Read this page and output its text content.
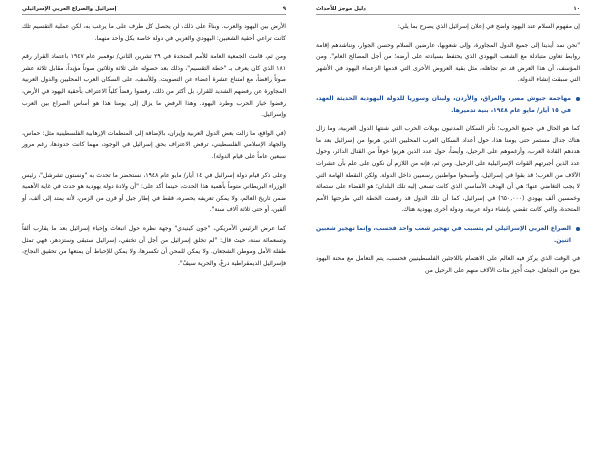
٩
إسرائيل والصراع العربي الإسرائيلي

الأرض بين اليهود والعرب. وبناءً على ذلك، لن يحصل كل طرف على ما يرغب به، لكن عملية التقسيم تلك كانت تراعي أحقية الشعبين: اليهودي والعربي في دولة خاصة بكل واحد منهما.

ومن ثم، قامت الجمعية العامة للأمم المتحدة في ٢٩ تشرين الثاني/ نوفمبر عام ١٩٤٧ باعتماد القرار رقم ١٨١ الذي كان يعرف بـ "خطة التقسيم"، وذلك بعد حصوله على ثلاثة وثلاثين صوتاً مؤيداً، مقابل ثلاثة عشر صوتاً رافضاً، مع امتناع عشرة أعضاء عن التصويت. وللأسف، على السكان العرب المحليين والدول العربية المجاورة عن رفضهم الشديد للقرار، بل أكثر من ذلك، رفضوا رفضاً كلياً الاعتراف بأحقية اليهود في الأرض، رفضوا خيار الحرب وطرد اليهود. وهذا الرفض ما يزال إلى يومنا هذا هو أساس الصراع بين العرب وإسرائيل.

(في الواقع، ما زالت بعض الدول العربية وإيران، بالإضافة إلى المنظمات الإرهابية الفلسطينية مثل: حماس، والجهاد الإسلامي الفلسطيني، ترفض الاعتراف بحق إسرائيل في الوجود، مهما كانت حدودها، رغم مرور سبعين عاماً على قيام الدولة).

وعلى ذكر قيام دولة إسرائيل في ١٤ أيار/ مايو عام ١٩٤٨، نستحضر ما تحدث به "ونستون تشرشل"، رئيس الوزراء البريطاني متوماً بأهمية هذا الحدث، حينما أكد على: "أن ولادة دولة يهودية هو حدث في غاية الأهمية ضمن تاريخ العالم، ولا يمكن تعريفه بحصره، فقط في إطار جيل أو قرن من الزمن، لأنه يمتد إلى ألف، أو ألفين، أو حتى ثلاثة آلاف سنة".

كما عرض الرئيس الأمريكي، "جون كينيدي" وجهة نظره حول انبعاث وإحياء إسرائيل بعد ما يقارب ألفاً وتسعمائة سنة، حيث قال: "لم تخلق إسرائيل من أجل أن تختفي، إسرائيل ستبقى وستزدهر، فهي تمثل طفلة الأمل وموطن الشجعان. ولا يمكن للمحن أن تكسرها، ولا يمكن للإحباط أن يمنعها من تحقيق النجاح، فإسرائيل الديمقراطية درعٌ، والحرية سيفٌ".

١٠
دليل موجز للأحداث

إن مفهوم السلام عند اليهود واضح في إعلان إسرائيل الذي يصرح بما يلي:

"نحن نمد أيدينا إلى جميع الدول المجاورة، وإلى شعوبها، عارضين السلام وحسن الجوار، ونناشدهم إقامة روابط تعاون متبادلة مع الشعب اليهودي الذي يحتفظ بسيادته على أرضه؛ من أجل المصالح العام". ومن المؤسف، أن هذا العرض قد تم تجاهله، مثل بقية العروض الأخرى التي قدمها الزعماء اليهود في الأشهر التي سبقت إنشاء الدولة.

مهاجمة جيوش مصر، والعراق، والأردن، ولبنان وسوريا للدولة اليهودية الحديثة العهد، في ١٥ أيار/ مايو عام ١٩٤٨، بنية تدميرها.

كما هو الحال في جميع الحروب؛ تأثر السكان المدنيون بويلات الحرب التي شنتها الدول العربية، وما زال هناك جدال مستمر حتى يومنا هذا، حول أعداد السكان العرب المحليين الذين هربوا من إسرائيل بعد ما هددهم القادة العرب، وأرغموهم على الرحيل، وأيضاً، حول عدد الذين هربوا خوفاً من القتال الدائر، وحول عدد الذين أجبرتهم القوات الإسرائيلية على الرحيل. ومن ثم، فإنه من اللازم أن نكون على علم بأن عشرات الآلاف من العرب؛ قد بقوا في إسرائيل، وأصبحوا مواطنين رسميين داخل الدولة. ولكن النقطة الهامة التي لا يجب التغاضي عنها؛ هي أن الهدف الأساسي الذي كانت تسعى إليه تلك البلدان؛ هو القضاء على ستمائة وخمسين ألف يهودي (٦٥٠,٠٠٠) في إسرائيل، كما أن تلك الدول قد رفضت الخطة التي طرحتها الأمم المتحدة، والتي كانت تقضي بإنشاء دولة عربية، ودولة أخرى يهودية هناك.

الصراع العربي الإسرائيلي لم يتسبب في تهجير شعب واحد فحسب، وإنما تهجير شعبين اثنين.

في الوقت الذي يركز فيه العالم على الاهتمام باللاجئين الفلسطينيين فحسب، يتم التعامل مع محنة اليهود بنوع من التجاهل، حيث أُجبِرَ مئات الآلاف منهم على الرحيل من
